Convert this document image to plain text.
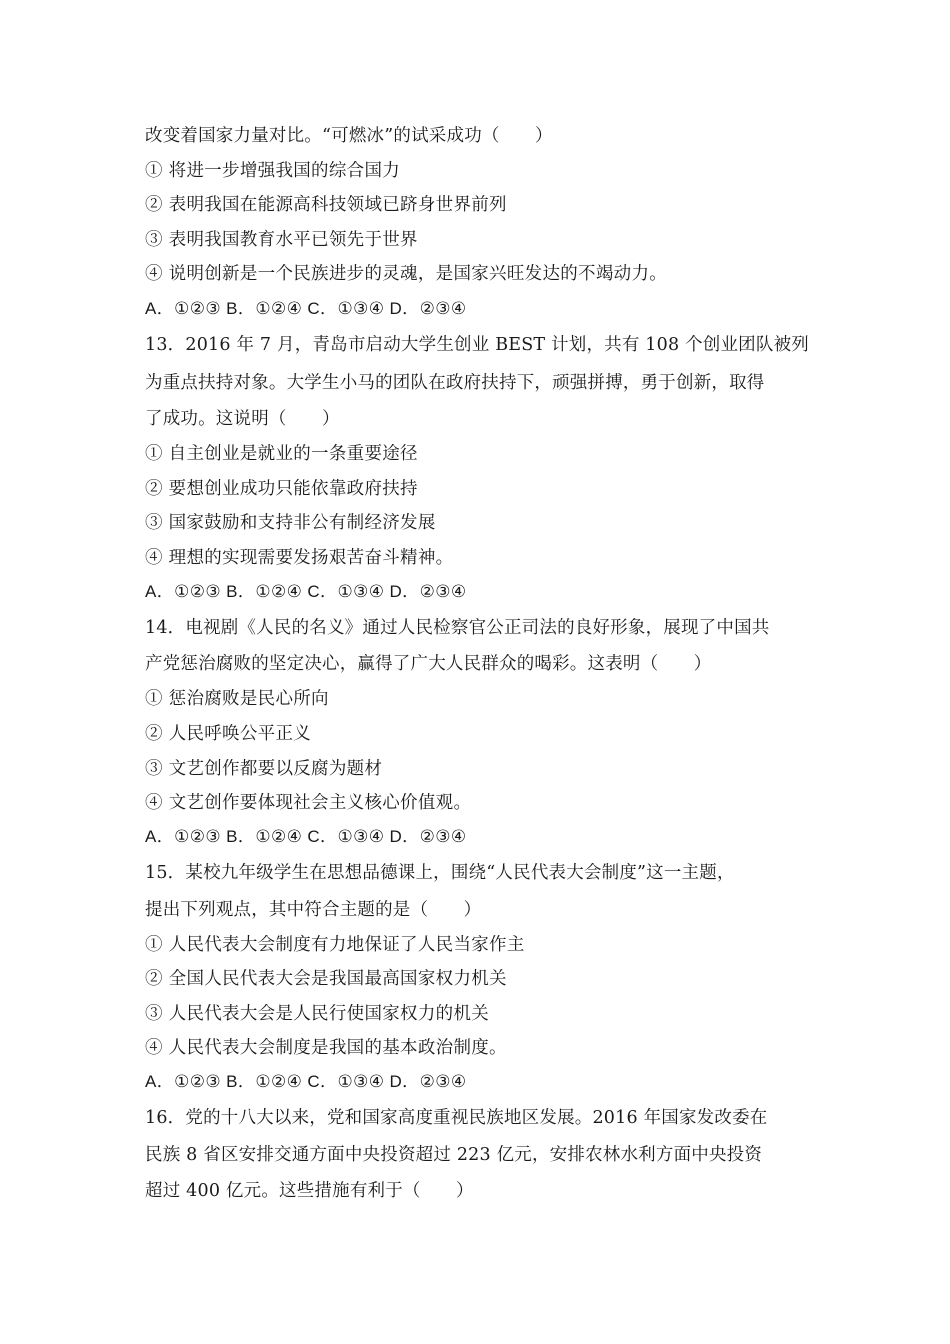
改变着国家力量对比。“可燃冰”的试采成功（　　）
① 将进一步增强我国的综合国力
② 表明我国在能源高科技领域已跻身世界前列
③ 表明我国教育水平已领先于世界
④ 说明创新是一个民族进步的灵魂，是国家兴旺发达的不竭动力。
A．①②③ B．①②④ C．①③④ D．②③④
13．2016 年 7 月，青岛市启动大学生创业 BEST 计划，共有 108 个创业团队被列
为重点扶持对象。大学生小马的团队在政府扶持下，顽强拼搏，勇于创新，取得
了成功。这说明（　　）
① 自主创业是就业的一条重要途径
② 要想创业成功只能依靠政府扶持
③ 国家鼓励和支持非公有制经济发展
④ 理想的实现需要发扬艰苦奋斗精神。
A．①②③ B．①②④ C．①③④ D．②③④
14．电视剧《人民的名义》通过人民检察官公正司法的良好形象，展现了中国共
产党惩治腐败的坚定决心，赢得了广大人民群众的喝彩。这表明（　　）
① 惩治腐败是民心所向
② 人民呼唤公平正义
③ 文艺创作都要以反腐为题材
④ 文艺创作要体现社会主义核心价值观。
A．①②③ B．①②④ C．①③④ D．②③④
15．某校九年级学生在思想品德课上，围绕“人民代表大会制度”这一主题，
提出下列观点，其中符合主题的是（　　）
① 人民代表大会制度有力地保证了人民当家作主
② 全国人民代表大会是我国最高国家权力机关
③ 人民代表大会是人民行使国家权力的机关
④ 人民代表大会制度是我国的基本政治制度。
A．①②③ B．①②④ C．①③④ D．②③④
16．党的十八大以来，党和国家高度重视民族地区发展。2016 年国家发改委在
民族 8 省区安排交通方面中央投资超过 223 亿元，安排农林水利方面中央投资
超过 400 亿元。这些措施有利于（　　）
